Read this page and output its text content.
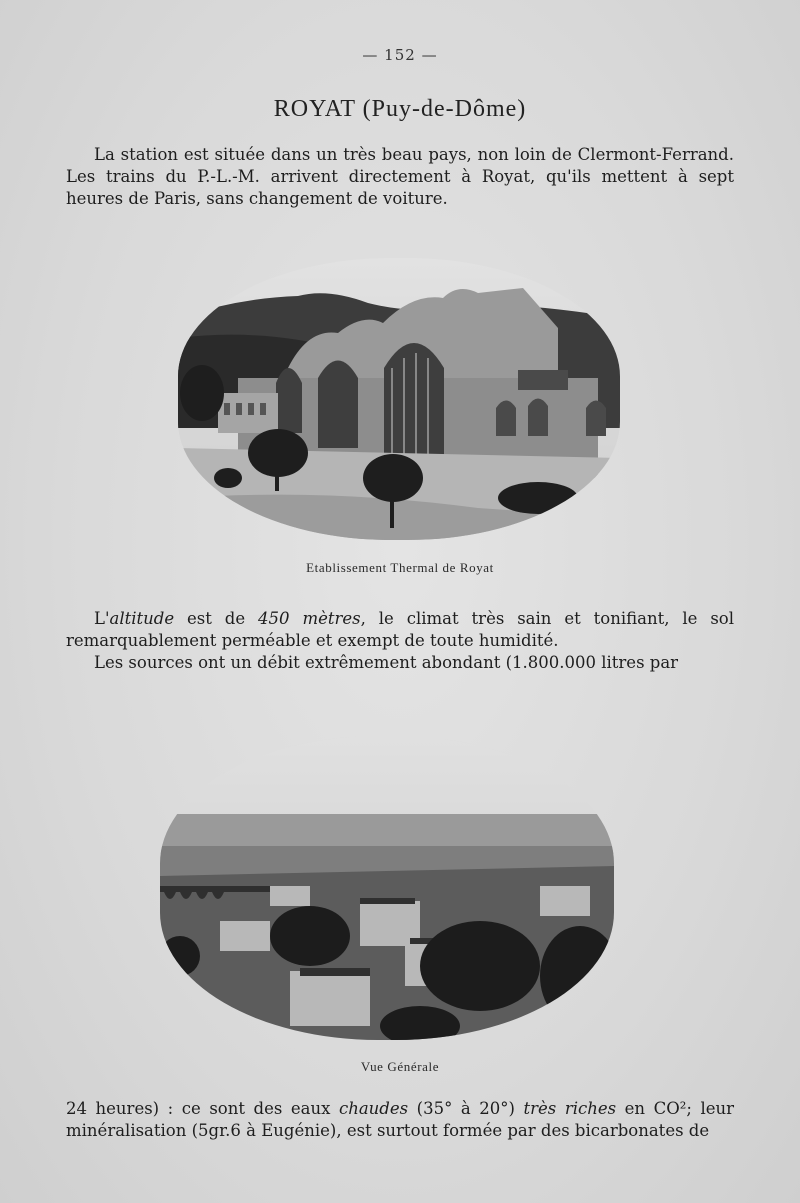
— 152 —
ROYAT (Puy-de-Dôme)

La station est située dans un très beau pays, non loin de Clermont-Ferrand. Les trains du P.-L.-M. arrivent directement à Royat, qu'ils mettent à sept heures de Paris, sans changement de voiture.

106
Etablissement Thermal de Royat

L'altitude est de 450 mètres, le climat très sain et tonifiant, le sol remarquablement perméable et exempt de toute humidité.

Les sources ont un débit extrêmement abondant (1.800.000 litres par

L. PEIGLER
Vue Générale

24 heures) : ce sont des eaux chaudes (35° à 20°) très riches en CO²; leur minéralisation (5gr.6 à Eugénie), est surtout formée par des bicarbonates de
